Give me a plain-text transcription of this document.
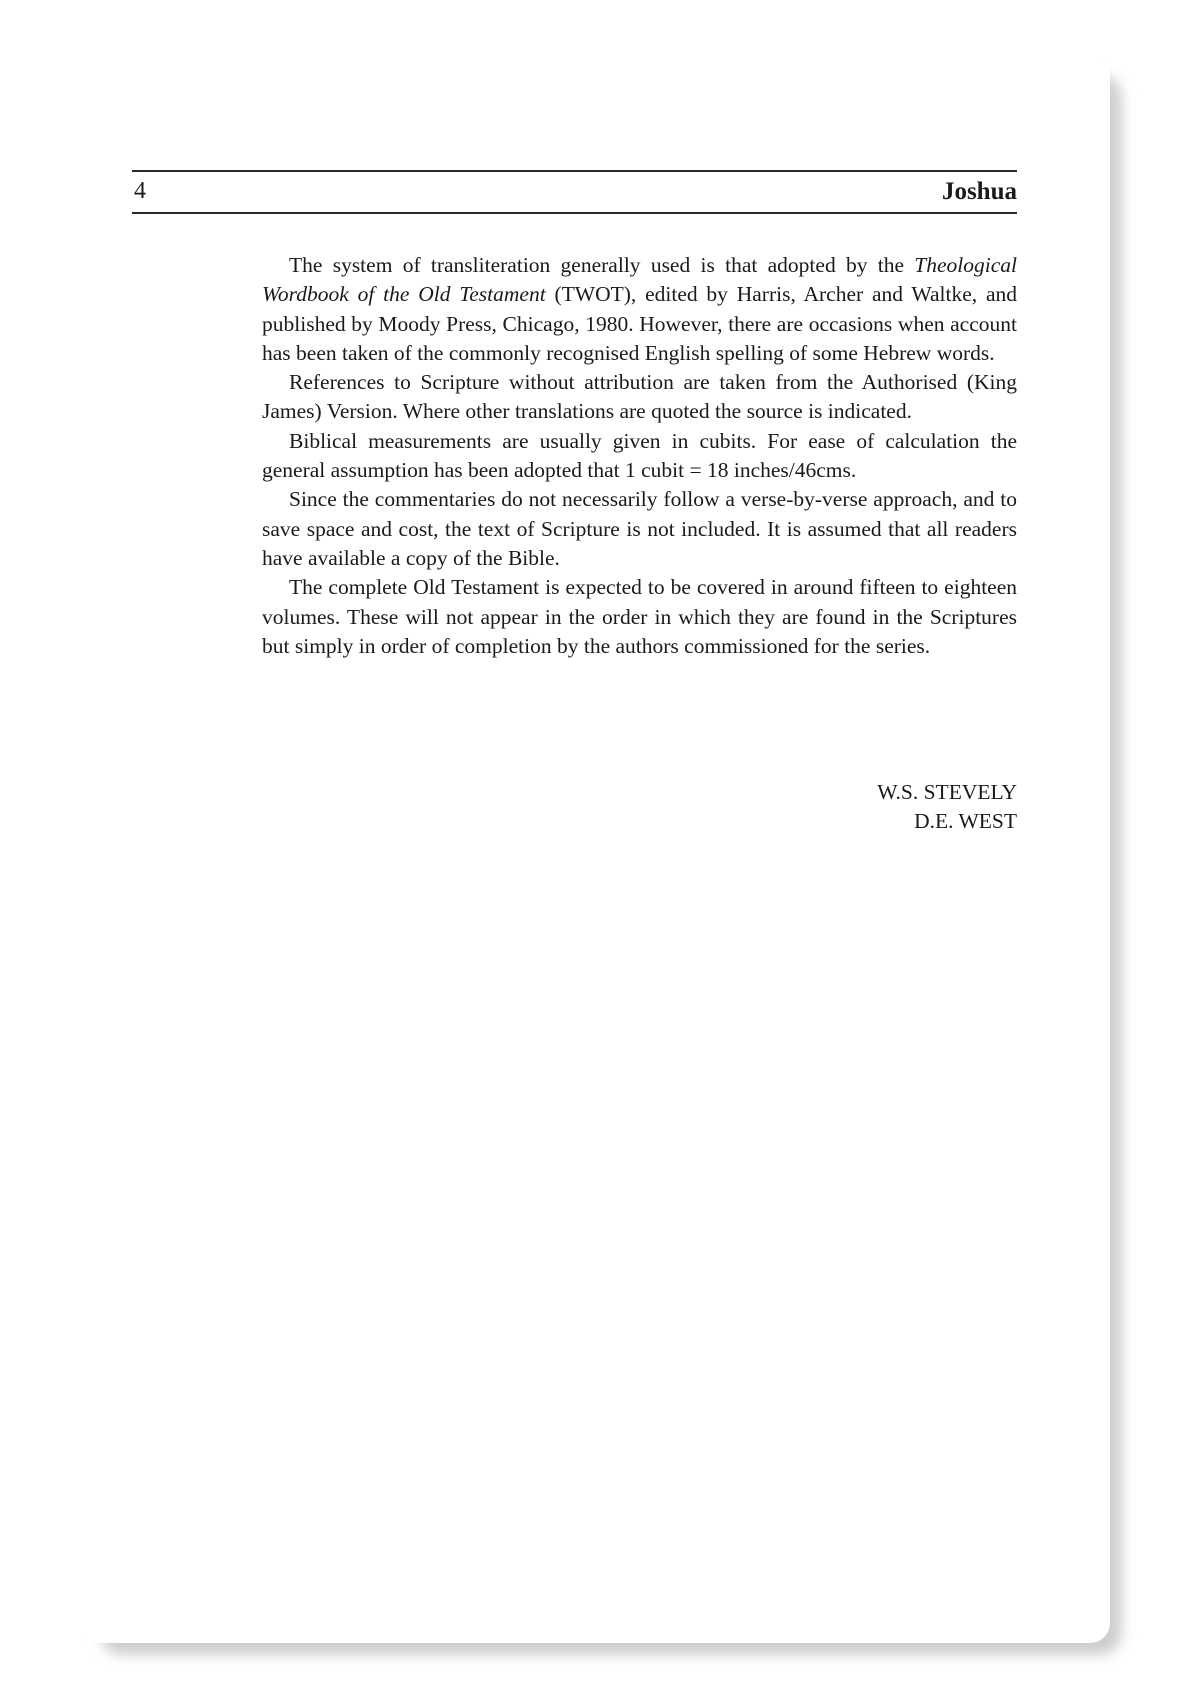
4	Joshua

The system of transliteration generally used is that adopted by the Theological Wordbook of the Old Testament (TWOT), edited by Harris, Archer and Waltke, and published by Moody Press, Chicago, 1980. However, there are occasions when account has been taken of the commonly recognised English spelling of some Hebrew words.

References to Scripture without attribution are taken from the Authorised (King James) Version. Where other translations are quoted the source is indicated.

Biblical measurements are usually given in cubits. For ease of calculation the general assumption has been adopted that 1 cubit = 18 inches/46cms.

Since the commentaries do not necessarily follow a verse-by-verse approach, and to save space and cost, the text of Scripture is not included. It is assumed that all readers have available a copy of the Bible.

The complete Old Testament is expected to be covered in around fifteen to eighteen volumes. These will not appear in the order in which they are found in the Scriptures but simply in order of completion by the authors commissioned for the series.

W.S. STEVELY
D.E. WEST
